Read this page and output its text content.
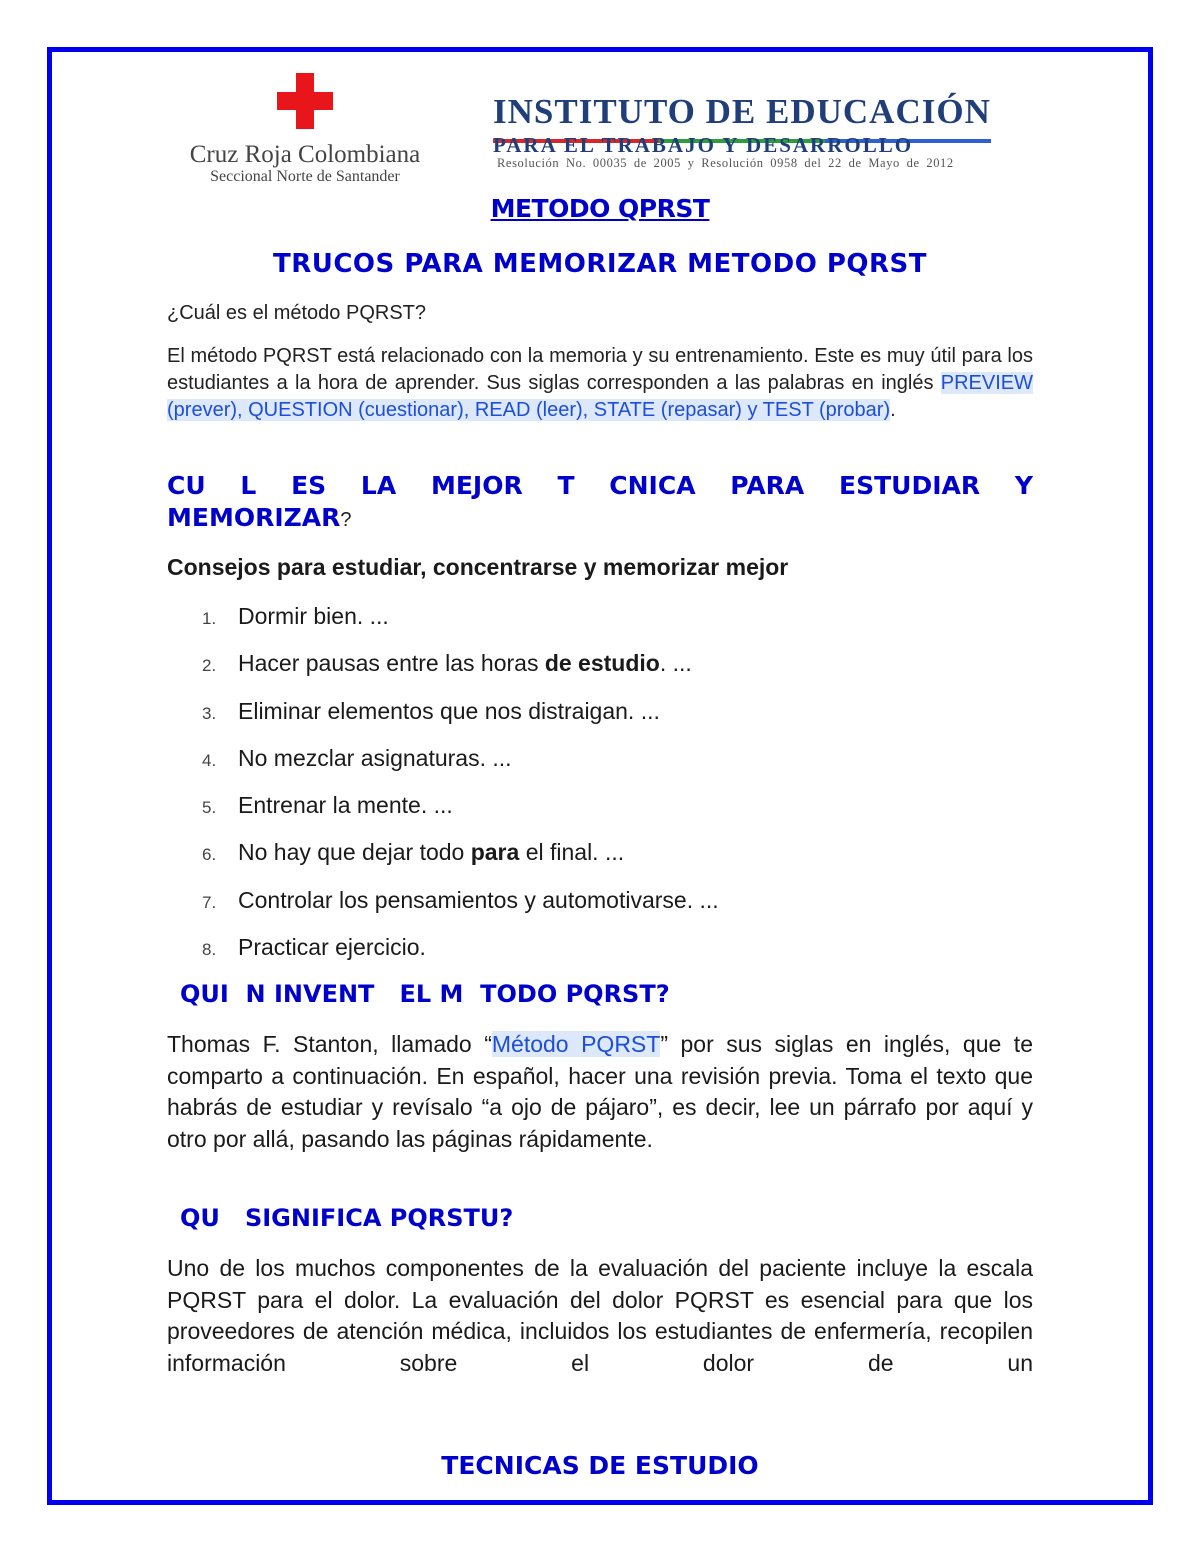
Cruz Roja Colombiana
Seccional Norte de Santander
INSTITUTO DE EDUCACIÓN
PARA EL TRABAJO Y DESARROLLO
Resolución No. 00035 de 2005 y Resolución 0958 del 22 de Mayo de 2012
METODO QPRST
TRUCOS PARA MEMORIZAR METODO PQRST
¿Cuál es el método PQRST?
El método PQRST está relacionado con la memoria y su entrenamiento. Este es muy útil para los estudiantes a la hora de aprender. Sus siglas corresponden a las palabras en inglés PREVIEW (prever), QUESTION (cuestionar), READ (leer), STATE (repasar) y TEST (probar).
CU L ES LA MEJOR T CNICA PARA ESTUDIAR Y
MEMORIZAR?
Consejos para estudiar, concentrarse y memorizar mejor
1. Dormir bien. ...
2. Hacer pausas entre las horas de estudio. ...
3. Eliminar elementos que nos distraigan. ...
4. No mezclar asignaturas. ...
5. Entrenar la mente. ...
6. No hay que dejar todo para el final. ...
7. Controlar los pensamientos y automotivarse. ...
8. Practicar ejercicio.
QUI  N INVENT   EL M  TODO PQRST?
Thomas F. Stanton, llamado “Método PQRST” por sus siglas en inglés, que te comparto a continuación. En español, hacer una revisión previa. Toma el texto que habrás de estudiar y revísalo “a ojo de pájaro”, es decir, lee un párrafo por aquí y otro por allá, pasando las páginas rápidamente.
QU   SIGNIFICA PQRSTU?
Uno de los muchos componentes de la evaluación del paciente incluye la escala PQRST para el dolor. La evaluación del dolor PQRST es esencial para que los proveedores de atención médica, incluidos los estudiantes de enfermería, recopilen información sobre el dolor de un
TECNICAS DE ESTUDIO
